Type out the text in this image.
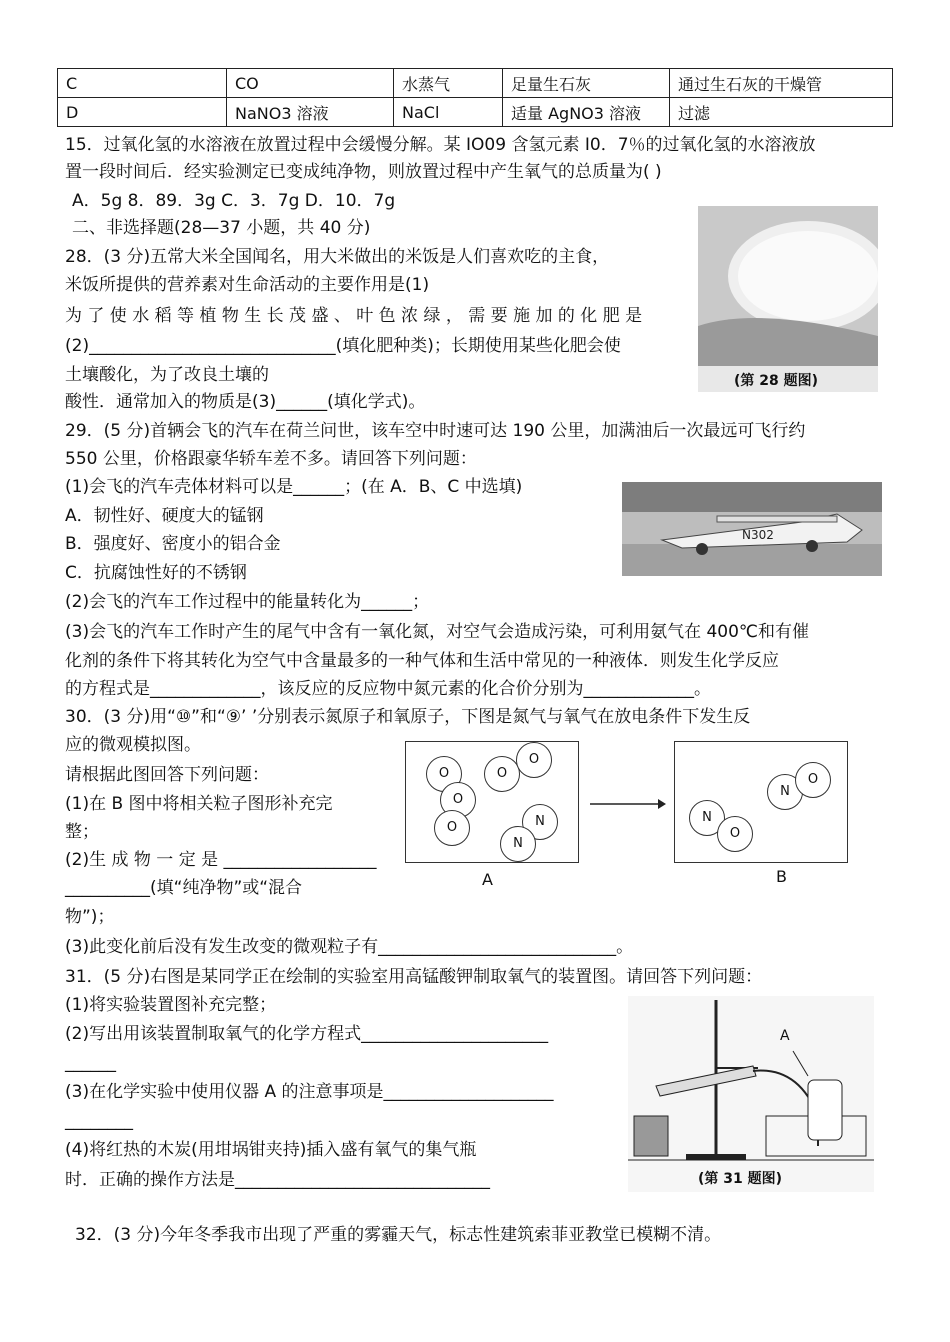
C	CO	水蒸气	足量生石灰	通过生石灰的干燥管
D	NaNO3 溶液	NaCl	适量 AgNO3 溶液	过滤
15．过氧化氢的水溶液在放置过程中会缓慢分解。某 IO09 含氢元素 I0．7％的过氧化氢的水溶液放
置一段时间后．经实验测定已变成纯净物，则放置过程中产生氧气的总质量为( )
A．5g 8．89．3g C．3．7g D．10．7g
二、非选择题(28—37 小题，共 40 分)
28．(3 分)五常大米全国闻名，用大米做出的米饭是人们喜欢吃的主食，
米饭所提供的营养素对生命活动的主要作用是(1)
为 了 使 水 稻 等 植 物 生 长 茂 盛 、 叶 色 浓 绿 ， 需 要 施 加 的 化 肥 是
(2)_____________________________(填化肥种类)；长期使用某些化肥会使
土壤酸化，为了改良土壤的
酸性．通常加入的物质是(3)______(填化学式)。
(第 28 题图)
29．(5 分)首辆会飞的汽车在荷兰问世，该车空中时速可达 190 公里，加满油后一次最远可飞行约
550 公里，价格跟豪华轿车差不多。请回答下列问题：
(1)会飞的汽车壳体材料可以是______；(在 A．B、C 中选填)
A．韧性好、硬度大的锰钢
B．强度好、密度小的铝合金
C．抗腐蚀性好的不锈钢
(2)会飞的汽车工作过程中的能量转化为______；
(3)会飞的汽车工作时产生的尾气中含有一氧化氮，对空气会造成污染，可利用氨气在 400℃和有催
化剂的条件下将其转化为空气中含量最多的一种气体和生活中常见的一种液体．则发生化学反应
的方程式是_____________，该反应的反应物中氮元素的化合价分别为_____________。
N302
30．(3 分)用“⑩”和“⑨’ ’分别表示氮原子和氧原子，下图是氮气与氧气在放电条件下发生反
应的微观模拟图。
请根据此图回答下列问题：
(1)在 B 图中将相关粒子图形补充完
整；
(2)生 成 物 一 定 是 __________________
__________(填“纯净物”或“混合
物”)；
(3)此变化前后没有发生改变的微观粒子有____________________________。
O
O
O
O
O	N
N
A
N
O
N
O
B
31．(5 分)右图是某同学正在绘制的实验室用高锰酸钾制取氧气的装置图。请回答下列问题：
(1)将实验装置图补充完整；
(2)写出用该装置制取氧气的化学方程式______________________
______
(3)在化学实验中使用仪器 A 的注意事项是____________________
________
(4)将红热的木炭(用坩埚钳夹持)插入盛有氧气的集气瓶
时．正确的操作方法是______________________________
A
(第 31 题图)
32．(3 分)今年冬季我市出现了严重的雾霾天气，标志性建筑索菲亚教堂已模糊不清。
